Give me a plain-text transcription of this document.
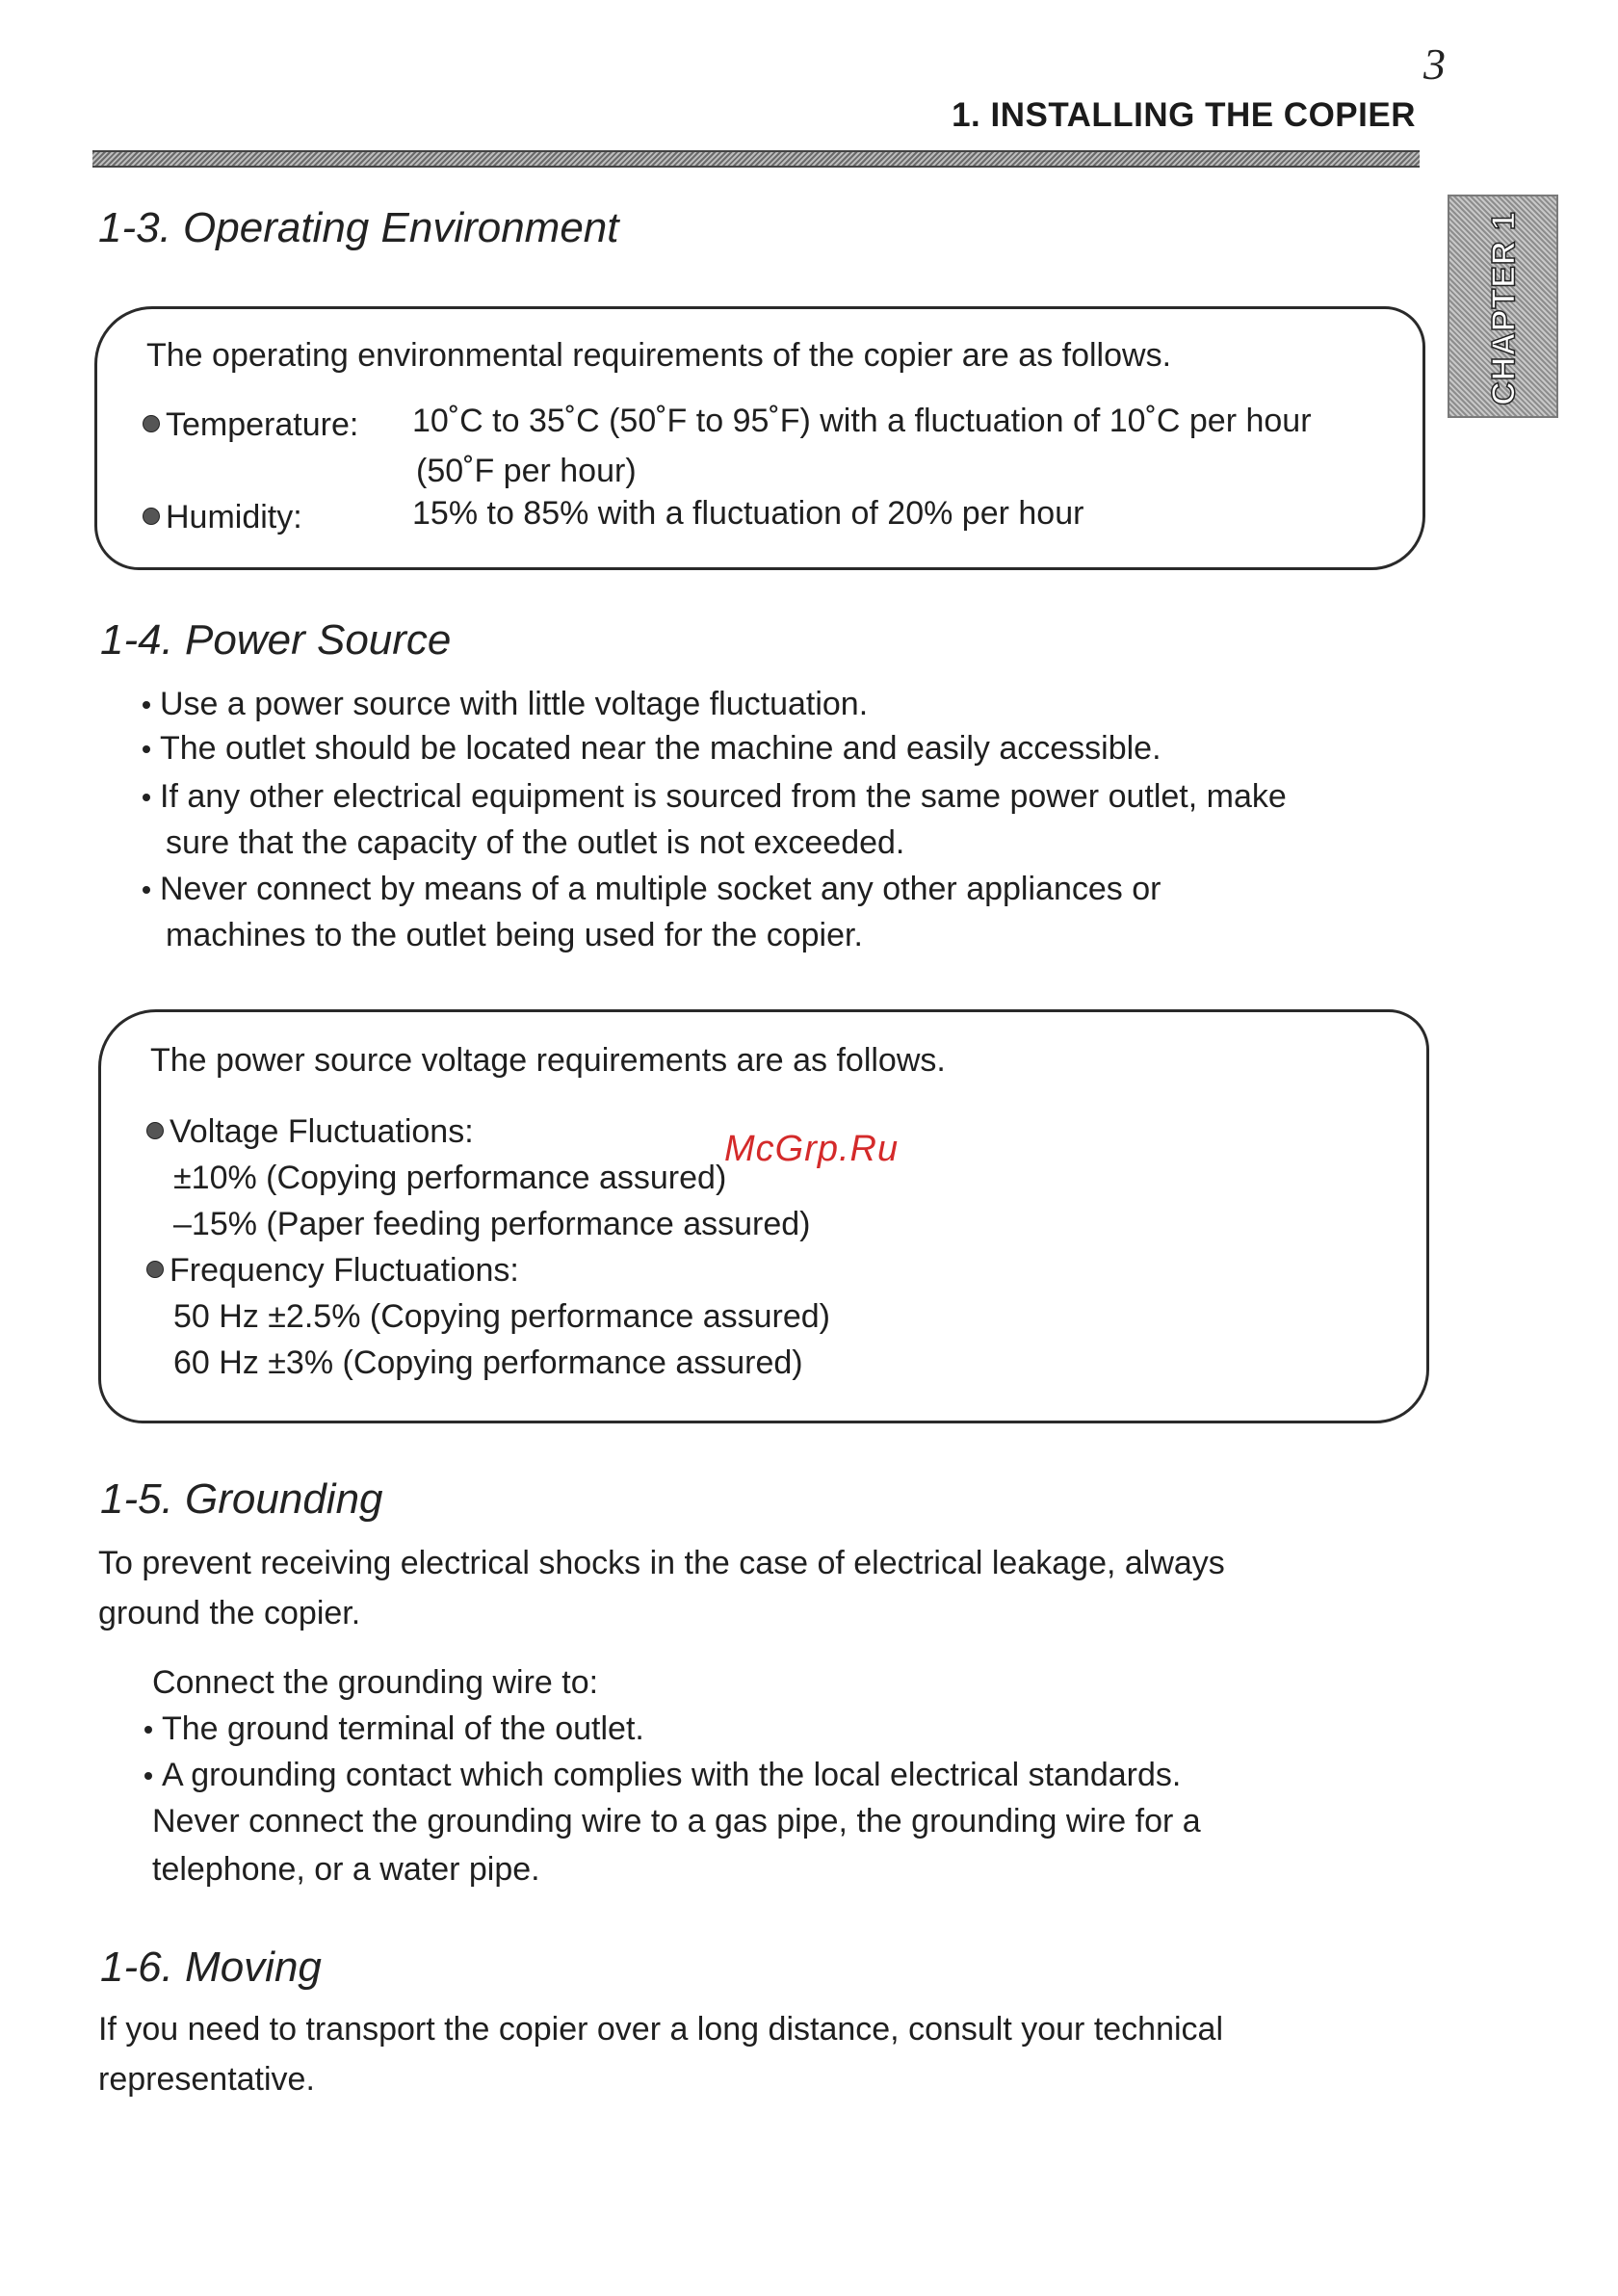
3
1. INSTALLING THE COPIER
CHAPTER 1
1-3. Operating Environment
The operating environmental requirements of the copier are as follows.
Temperature: 10˚C to 35˚C (50˚F to 95˚F) with a fluctuation of 10˚C per hour
(50˚F per hour)
Humidity:	15% to 85% with a fluctuation of 20% per hour
1-4. Power Source
Use a power source with little voltage fluctuation.
The outlet should be located near the machine and easily accessible.
If any other electrical equipment is sourced from the same power outlet, make
sure that the capacity of the outlet is not exceeded.
Never connect by means of a multiple socket any other appliances or
machines to the outlet being used for the copier.
The power source voltage requirements are as follows.
Voltage Fluctuations:
±10% (Copying performance assured)
–15% (Paper feeding performance assured)
Frequency Fluctuations:
50 Hz ±2.5% (Copying performance assured)
60 Hz ±3% (Copying performance assured)
McGrp.Ru
1-5. Grounding
To prevent receiving electrical shocks in the case of electrical leakage, always
ground the copier.
Connect the grounding wire to:
The ground terminal of the outlet.
A grounding contact which complies with the local electrical standards.
Never connect the grounding wire to a gas pipe, the grounding wire for a
telephone, or a water pipe.
1-6. Moving
If you need to transport the copier over a long distance, consult your technical
representative.
